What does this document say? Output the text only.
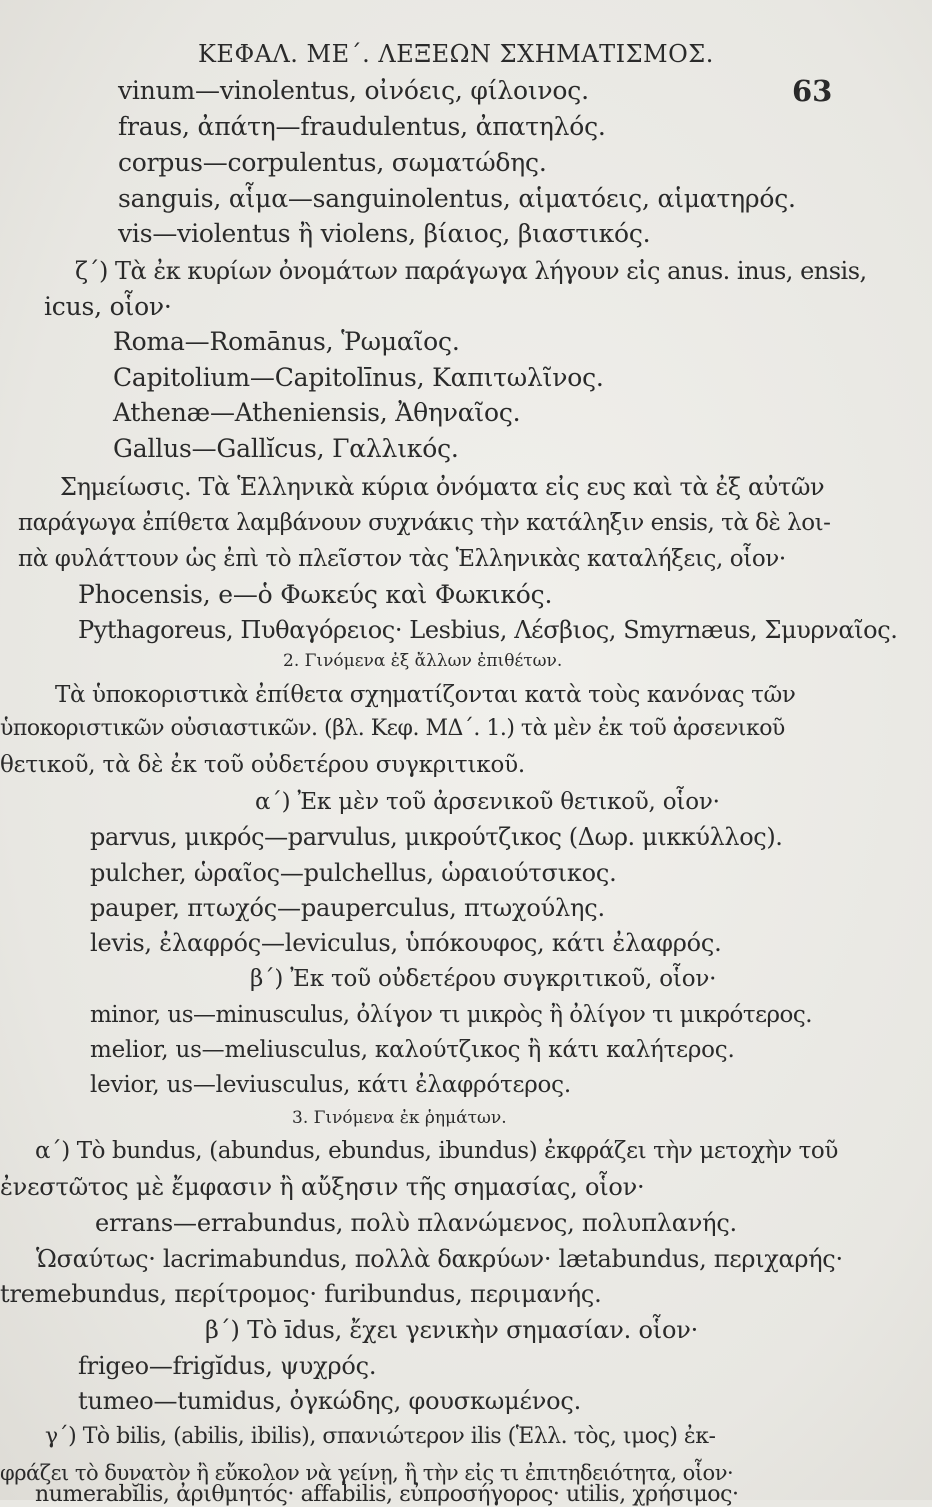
ΚΕΦΑΛ. ΜΕ΄. ΛΕΞΕΩΝ ΣΧΗΜΑΤΙΣΜΟΣ.
63
vinum—vinolentus, οἰνόεις, φίλοινος.
fraus, ἀπάτη—fraudulentus, ἀπατηλός.
corpus—corpulentus, σωματώδης.
sanguis, αἷμα—sanguinolentus, αἱματόεις, αἱματηρός.
vis—violentus ἢ violens, βίαιος, βιαστικός.
ζ΄) Τὰ ἐκ κυρίων ὀνομάτων παράγωγα λήγουν εἰς anus. inus, ensis,
icus, οἷον·
Roma—Romānus, Ῥωμαῖος.
Capitolium—Capitolīnus, Καπιτωλῖνος.
Athenæ—Atheniensis, Ἀθηναῖος.
Gallus—Gallĭcus, Γαλλικός.
Σημείωσις. Τὰ Ἑλληνικὰ κύρια ὀνόματα εἰς ευς καὶ τὰ ἐξ αὐτῶν
παράγωγα ἐπίθετα λαμβάνουν συχνάκις τὴν κατάληξιν ensis, τὰ δὲ λοι-
πὰ φυλάττουν ὡς ἐπὶ τὸ πλεῖστον τὰς Ἑλληνικὰς καταλήξεις, οἷον·
Phocensis, e—ὁ Φωκεύς καὶ Φωκικός.
Pythagoreus, Πυθαγόρειος· Lesbius, Λέσβιος, Smyrnæus, Σμυρναῖος.
2. Γινόμενα ἐξ ἄλλων ἐπιθέτων.
Τὰ ὑποκοριστικὰ ἐπίθετα σχηματίζονται κατὰ τοὺς κανόνας τῶν
ὑποκοριστικῶν οὐσιαστικῶν. (βλ. Κεφ. ΜΔ΄. 1.) τὰ μὲν ἐκ τοῦ ἀρσενικοῦ
θετικοῦ, τὰ δὲ ἐκ τοῦ οὐδετέρου συγκριτικοῦ.
α΄) Ἐκ μὲν τοῦ ἀρσενικοῦ θετικοῦ, οἷον·
parvus, μικρός—parvulus, μικρούτζικος (Δωρ. μικκύλλος).
pulcher, ὡραῖος—pulchellus, ὡραιούτσικος.
pauper, πτωχός—pauperculus, πτωχούλης.
levis, ἐλαφρός—leviculus, ὑπόκουφος, κάτι ἐλαφρός.
β΄) Ἐκ τοῦ οὐδετέρου συγκριτικοῦ, οἷον·
minor, us—minusculus, ὀλίγον τι μικρὸς ἢ ὀλίγον τι μικρότερος.
melior, us—meliusculus, καλούτζικος ἢ κάτι καλήτερος.
levior, us—leviusculus, κάτι ἐλαφρότερος.
3. Γινόμενα ἐκ ῥημάτων.
α΄) Τὸ bundus, (abundus, ebundus, ibundus) ἐκφράζει τὴν μετοχὴν τοῦ
ἐνεστῶτος μὲ ἔμφασιν ἢ αὔξησιν τῆς σημασίας, οἷον·
errans—errabundus, πολὺ πλανώμενος, πολυπλανής.
Ὡσαύτως· lacrimabundus, πολλὰ δακρύων· lætabundus, περιχαρής·
tremebundus, περίτρομος· furibundus, περιμανής.
β΄) Τὸ īdus, ἔχει γενικὴν σημασίαν. οἷον·
frigeo—frigĭdus, ψυχρός.
tumeo—tumidus, ὀγκώδης, φουσκωμένος.
γ΄) Τὸ bilis, (abilis, ibilis), σπανιώτερον ilis (Ἑλλ. τὸς, ιμος) ἐκ-
φράζει τὸ δυνατὸν ἢ εὔκολον νὰ γείνῃ, ἢ τὴν εἰς τι ἐπιτηδειότητα, οἷον·
numerabĭlis, ἀριθμητός· affabilis, εὐπροσήγορος· utilis, χρήσιμος·
